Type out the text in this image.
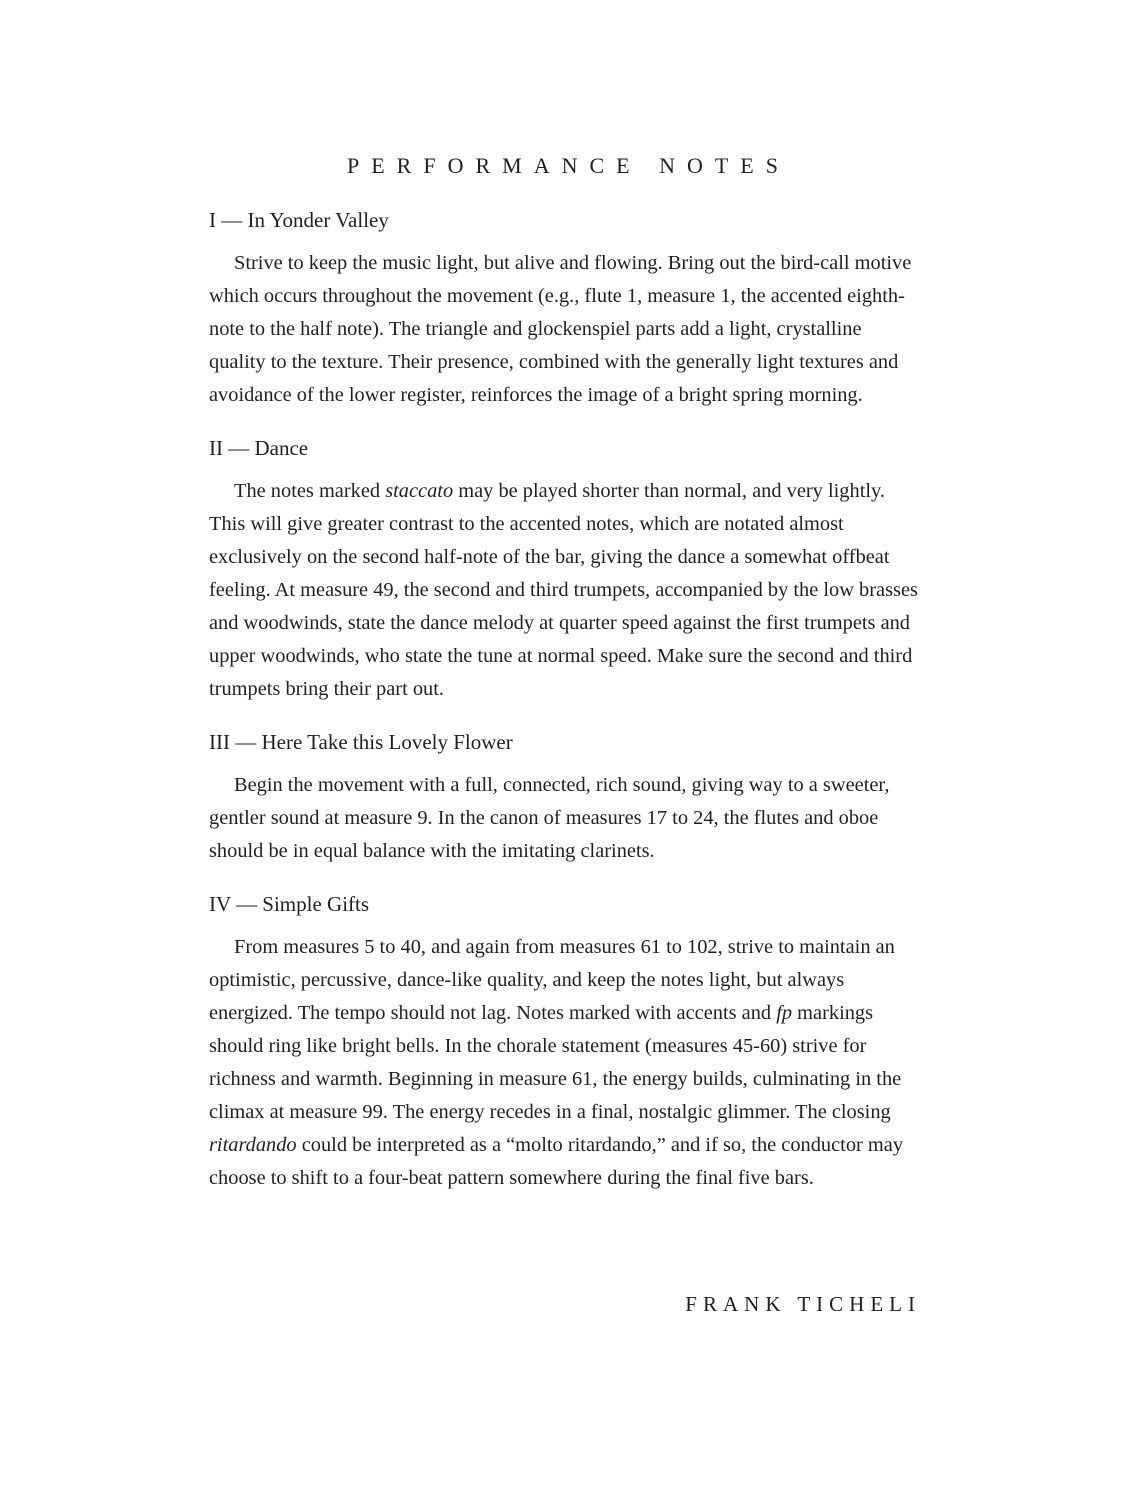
PERFORMANCE NOTES
I — In Yonder Valley

Strive to keep the music light, but alive and flowing. Bring out the bird-call motive which occurs throughout the movement (e.g., flute 1, measure 1, the accented eighth-note to the half note). The triangle and glockenspiel parts add a light, crystalline quality to the texture. Their presence, combined with the generally light textures and avoidance of the lower register, reinforces the image of a bright spring morning.

II — Dance

The notes marked staccato may be played shorter than normal, and very lightly. This will give greater contrast to the accented notes, which are notated almost exclusively on the second half-note of the bar, giving the dance a somewhat offbeat feeling. At measure 49, the second and third trumpets, accompanied by the low brasses and woodwinds, state the dance melody at quarter speed against the first trumpets and upper woodwinds, who state the tune at normal speed. Make sure the second and third trumpets bring their part out.

III — Here Take this Lovely Flower

Begin the movement with a full, connected, rich sound, giving way to a sweeter, gentler sound at measure 9. In the canon of measures 17 to 24, the flutes and oboe should be in equal balance with the imitating clarinets.

IV — Simple Gifts

From measures 5 to 40, and again from measures 61 to 102, strive to maintain an optimistic, percussive, dance-like quality, and keep the notes light, but always energized. The tempo should not lag. Notes marked with accents and fp markings should ring like bright bells. In the chorale statement (measures 45-60) strive for richness and warmth. Beginning in measure 61, the energy builds, culminating in the climax at measure 99. The energy recedes in a final, nostalgic glimmer. The closing ritardando could be interpreted as a “molto ritardando,” and if so, the conductor may choose to shift to a four-beat pattern somewhere during the final five bars.

FRANK TICHELI
